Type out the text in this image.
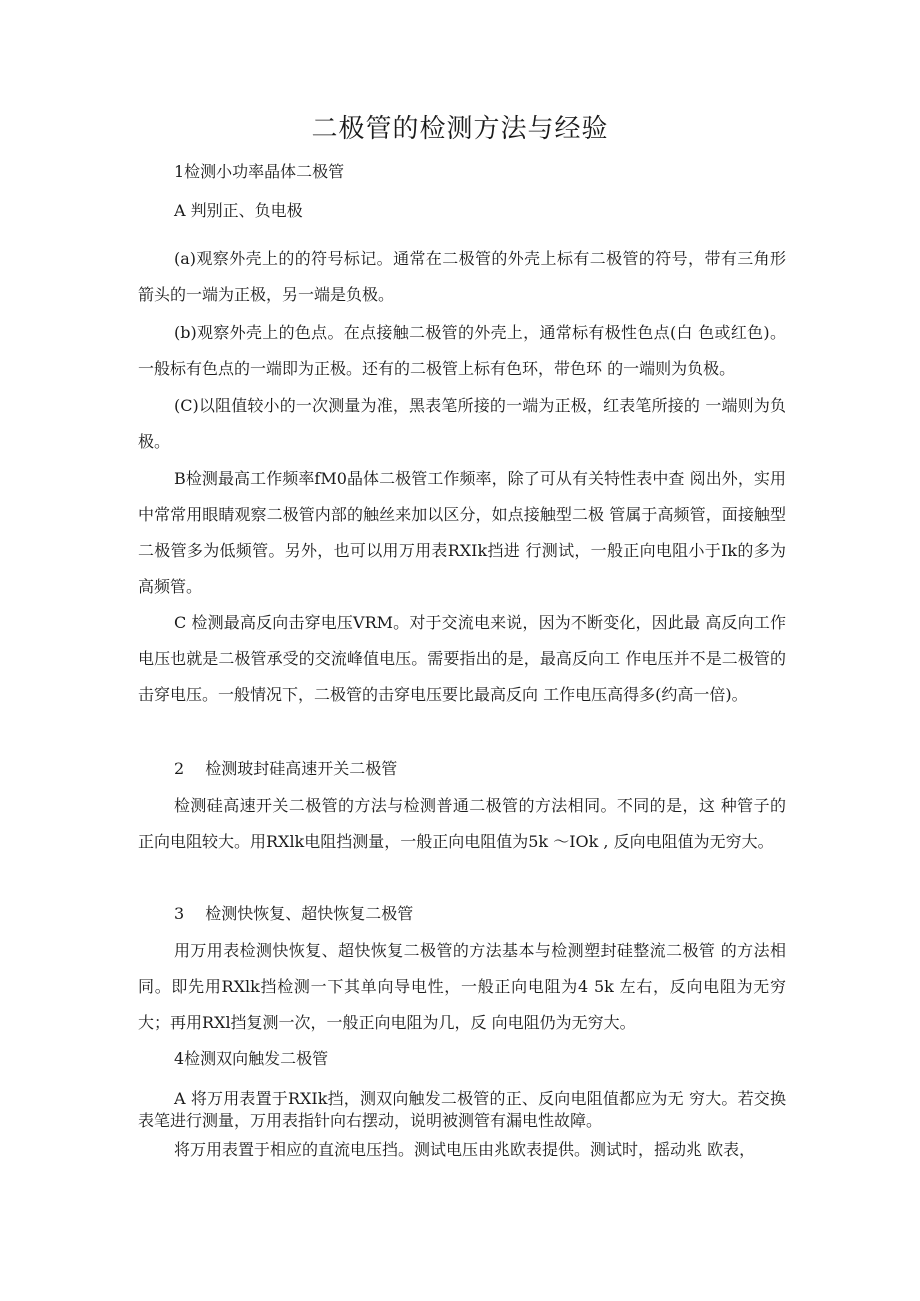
二极管的检测方法与经验

1检测小功率晶体二极管

A 判别正、负电极

(a)观察外壳上的的符号标记。通常在二极管的外壳上标有二极管的符号，带有三角形箭头的一端为正极，另一端是负极。

(b)观察外壳上的色点。在点接触二极管的外壳上，通常标有极性色点(白 色或红色)。一般标有色点的一端即为正极。还有的二极管上标有色环，带色环 的一端则为负极。

(C)以阻值较小的一次测量为准，黑表笔所接的一端为正极，红表笔所接的 一端则为负极。

B检测最高工作频率fM0晶体二极管工作频率，除了可从有关特性表中查 阅出外，实用中常常用眼睛观察二极管内部的触丝来加以区分，如点接触型二极 管属于高频管，面接触型二极管多为低频管。另外，也可以用万用表RXIk挡进 行测试，一般正向电阻小于Ik的多为高频管。

C 检测最高反向击穿电压VRM。对于交流电来说，因为不断变化，因此最 高反向工作电压也就是二极管承受的交流峰值电压。需要指出的是，最高反向工 作电压并不是二极管的击穿电压。一般情况下，二极管的击穿电压要比最高反向 工作电压高得多(约高一倍)。

2　 检测玻封硅高速开关二极管

检测硅高速开关二极管的方法与检测普通二极管的方法相同。不同的是，这 种管子的正向电阻较大。用RXlk电阻挡测量，一般正向电阻值为5k ～IOk , 反向电阻值为无穷大。

3　 检测快恢复、超快恢复二极管

用万用表检测快恢复、超快恢复二极管的方法基本与检测塑封硅整流二极管 的方法相同。即先用RXlk挡检测一下其单向导电性，一般正向电阻为4 5k 左右，反向电阻为无穷大；再用RXl挡复测一次，一般正向电阻为几，反 向电阻仍为无穷大。

4检测双向触发二极管

A 将万用表置于RXIk挡，测双向触发二极管的正、反向电阻值都应为无 穷大。若交换表笔进行测量，万用表指针向右摆动，说明被测管有漏电性故障。

将万用表置于相应的直流电压挡。测试电压由兆欧表提供。测试时，摇动兆 欧表，
